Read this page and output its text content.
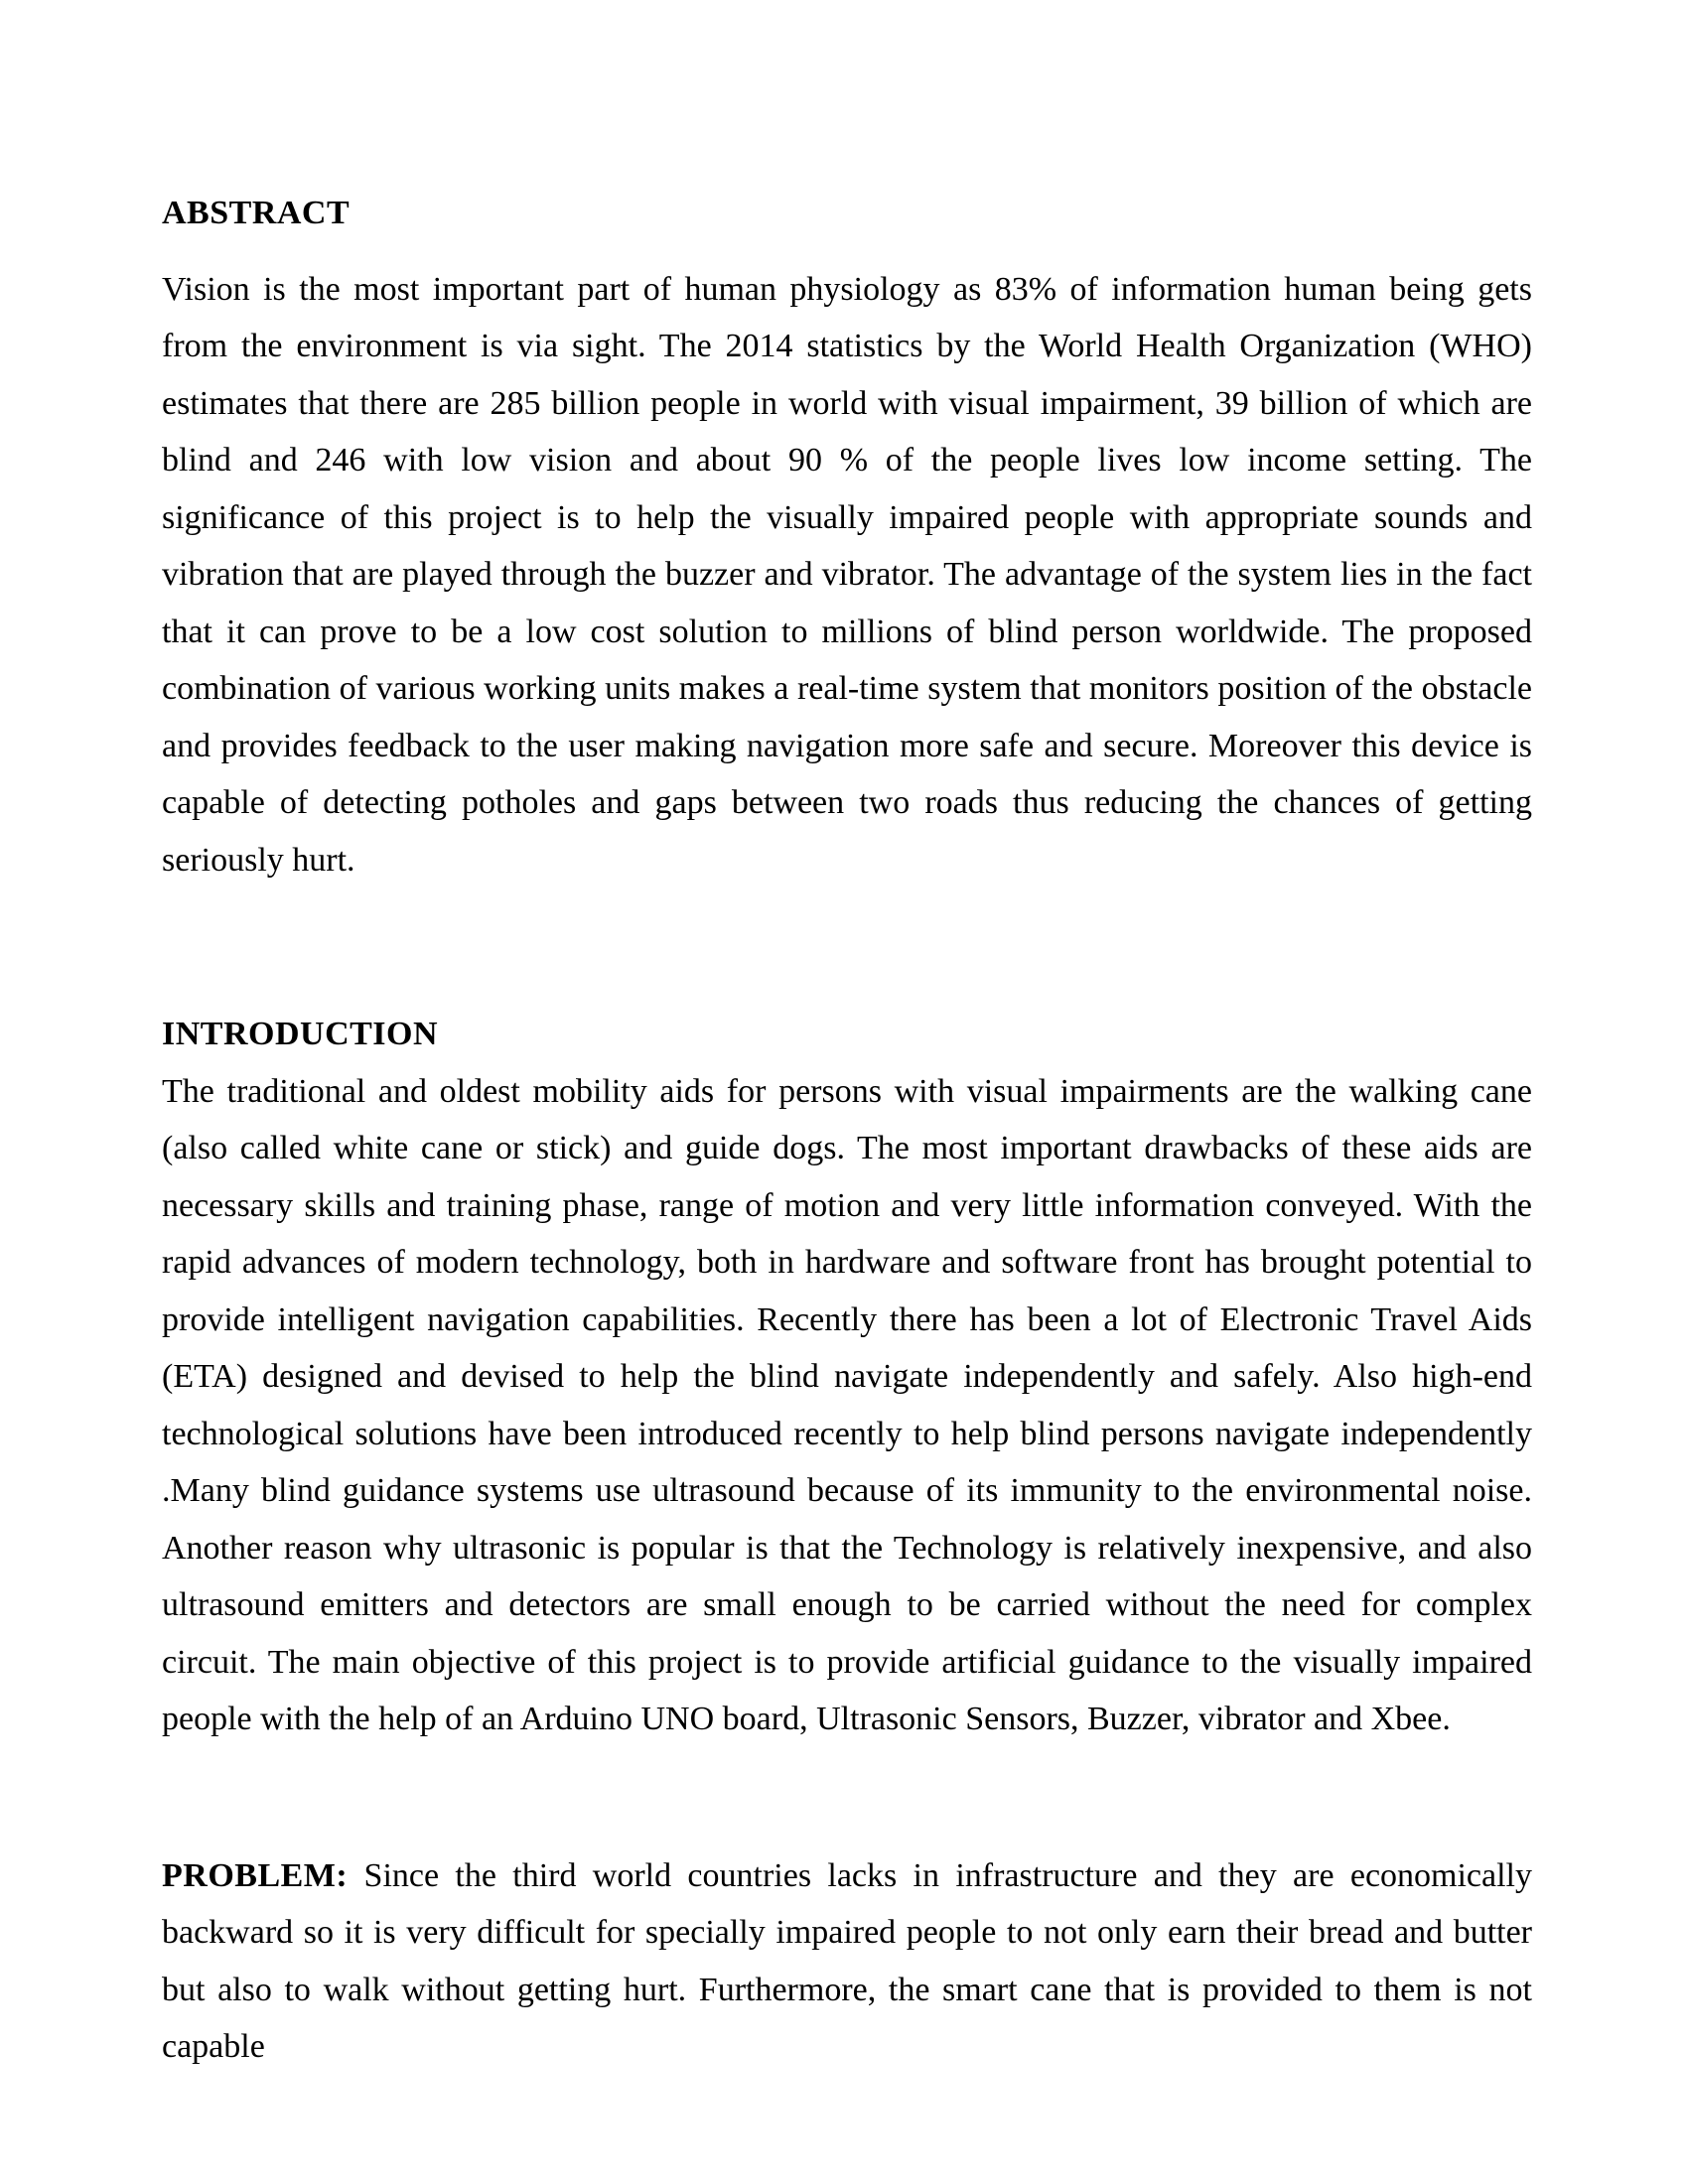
ABSTRACT

Vision is the most important part of human physiology as 83% of information human being gets from the environment is via sight. The 2014 statistics by the World Health Organization (WHO) estimates that there are 285 billion people in world with visual impairment, 39 billion of which are blind and 246 with low vision and about 90 % of the people lives low income setting. The significance of this project is to help the visually impaired people with appropriate sounds and vibration that are played through the buzzer and vibrator. The advantage of the system lies in the fact that it can prove to be a low cost solution to millions of blind person worldwide. The proposed combination of various working units makes a real-time system that monitors position of the obstacle and provides feedback to the user making navigation more safe and secure. Moreover this device is capable of detecting potholes and gaps between two roads thus reducing the chances of getting seriously hurt.

INTRODUCTION

The traditional and oldest mobility aids for persons with visual impairments are the walking cane (also called white cane or stick) and guide dogs. The most important drawbacks of these aids are necessary skills and training phase, range of motion and very little information conveyed. With the rapid advances of modern technology, both in hardware and software front has brought potential to provide intelligent navigation capabilities. Recently there has been a lot of Electronic Travel Aids (ETA) designed and devised to help the blind navigate independently and safely. Also high-end technological solutions have been introduced recently to help blind persons navigate independently .Many blind guidance systems use ultrasound because of its immunity to the environmental noise. Another reason why ultrasonic is popular is that the Technology is relatively inexpensive, and also ultrasound emitters and detectors are small enough to be carried without the need for complex circuit. The main objective of this project is to provide artificial guidance to the visually impaired people with the help of an Arduino UNO board, Ultrasonic Sensors, Buzzer, vibrator and Xbee.

PROBLEM: Since the third world countries lacks in infrastructure and they are economically backward so it is very difficult for specially impaired people to not only earn their bread and butter but also to walk without getting hurt. Furthermore, the smart cane that is provided to them is not capable
